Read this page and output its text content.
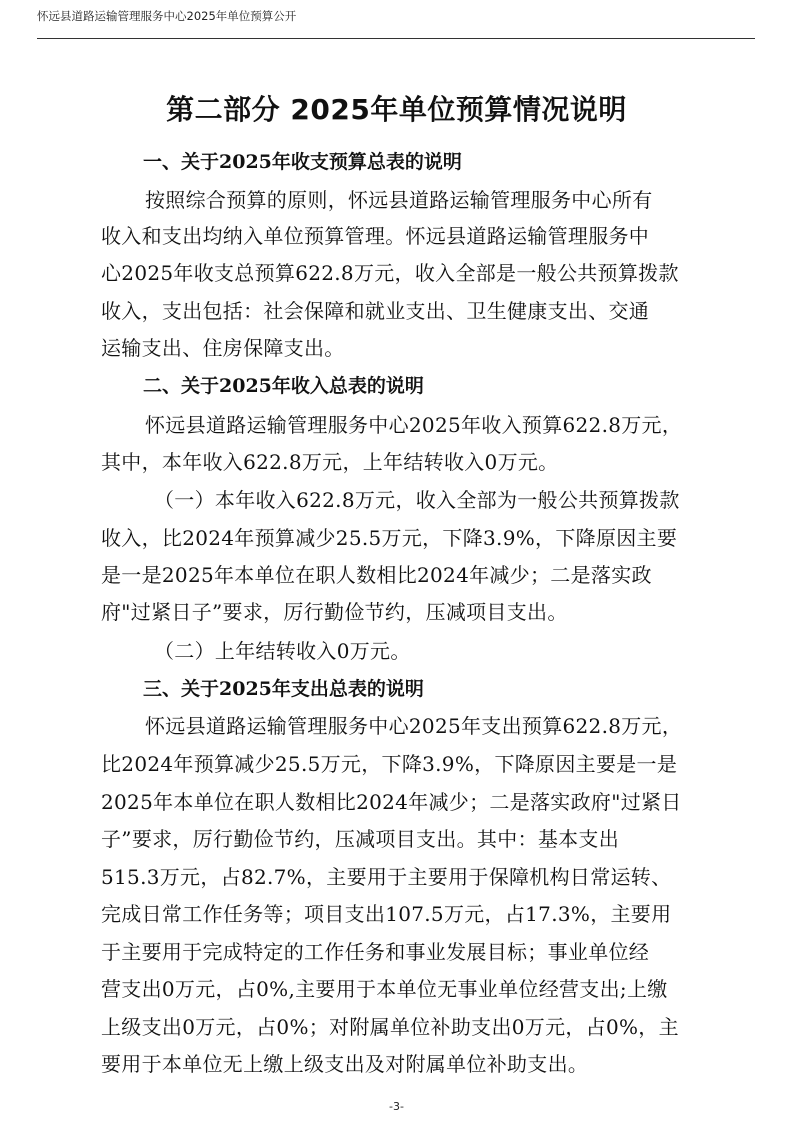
怀远县道路运输管理服务中心2025年单位预算公开
第二部分 2025年单位预算情况说明
一、关于2025年收支预算总表的说明
按照综合预算的原则，怀远县道路运输管理服务中心所有
收入和支出均纳入单位预算管理。怀远县道路运输管理服务中
心2025年收支总预算622.8万元，收入全部是一般公共预算拨款
收入，支出包括：社会保障和就业支出、卫生健康支出、交通
运输支出、住房保障支出。
二、关于2025年收入总表的说明
怀远县道路运输管理服务中心2025年收入预算622.8万元，
其中，本年收入622.8万元，上年结转收入0万元。
（一）本年收入622.8万元，收入全部为一般公共预算拨款
收入，比2024年预算减少25.5万元，下降3.9%，下降原因主要
是一是2025年本单位在职人数相比2024年减少；二是落实政
府"过紧日子”要求，厉行勤俭节约，压减项目支出。
（二）上年结转收入0万元。
三、关于2025年支出总表的说明
怀远县道路运输管理服务中心2025年支出预算622.8万元，
比2024年预算减少25.5万元，下降3.9%，下降原因主要是一是
2025年本单位在职人数相比2024年减少；二是落实政府"过紧日
子”要求，厉行勤俭节约，压减项目支出。其中：基本支出
515.3万元，占82.7%，主要用于主要用于保障机构日常运转、
完成日常工作任务等；项目支出107.5万元，占17.3%，主要用
于主要用于完成特定的工作任务和事业发展目标；事业单位经
营支出0万元，占0%,主要用于本单位无事业单位经营支出;上缴
上级支出0万元，占0%；对附属单位补助支出0万元，占0%，主
要用于本单位无上缴上级支出及对附属单位补助支出。
-3-
